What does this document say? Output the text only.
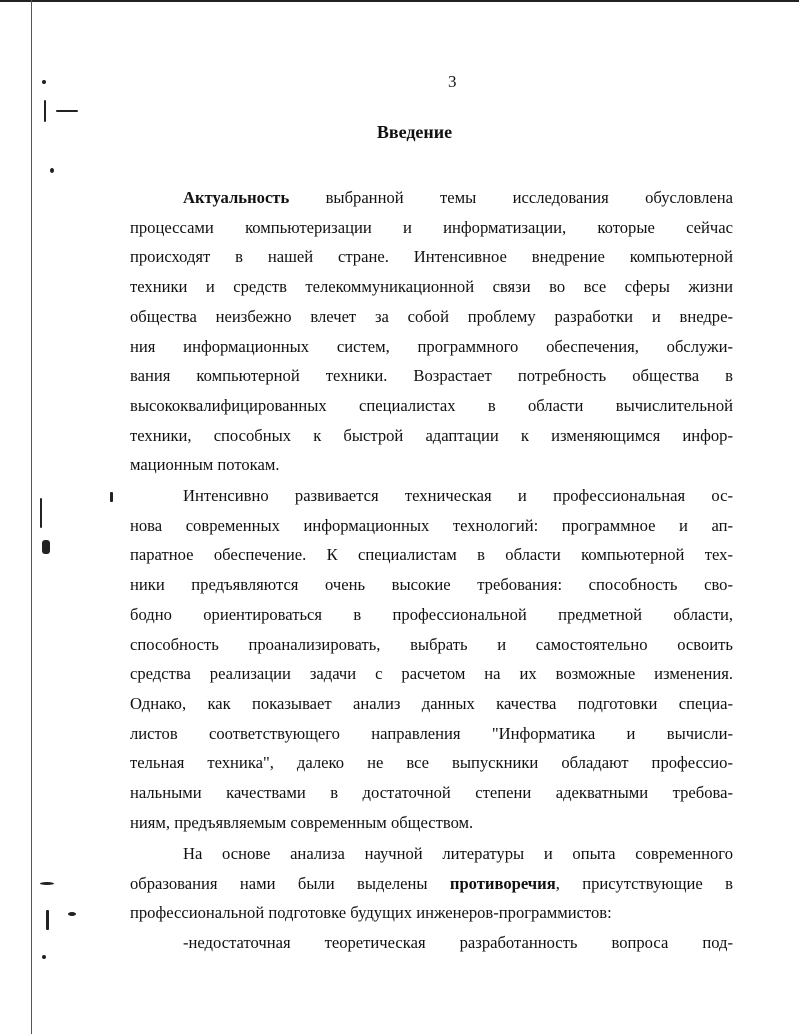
3
Введение
Актуальность выбранной темы исследования обусловлена
процессами компьютеризации и информатизации, которые сейчас
происходят в нашей стране. Интенсивное внедрение компьютерной
техники и средств телекоммуникационной связи во все сферы жизни
общества неизбежно влечет за собой проблему разработки и внедре-
ния информационных систем, программного обеспечения, обслужи-
вания компьютерной техники. Возрастает потребность общества в
высококвалифицированных специалистах в области вычислительной
техники, способных к быстрой адаптации к изменяющимся инфор-
мационным потокам.
Интенсивно развивается техническая и профессиональная ос-
нова современных информационных технологий: программное и ап-
паратное обеспечение. К специалистам в области компьютерной тех-
ники предъявляются очень высокие требования: способность сво-
бодно ориентироваться в профессиональной предметной области,
способность проанализировать, выбрать и самостоятельно освоить
средства реализации задачи с расчетом на их возможные изменения.
Однако, как показывает анализ данных качества подготовки специа-
листов соответствующего направления "Информатика и вычисли-
тельная техника", далеко не все выпускники обладают профессио-
нальными качествами в достаточной степени адекватными требова-
ниям, предъявляемым современным обществом.
На основе анализа научной литературы и опыта современного
образования нами были выделены противоречия, присутствующие в
профессиональной подготовке будущих инженеров-программистов:
-недостаточная теоретическая разработанность вопроса под-
